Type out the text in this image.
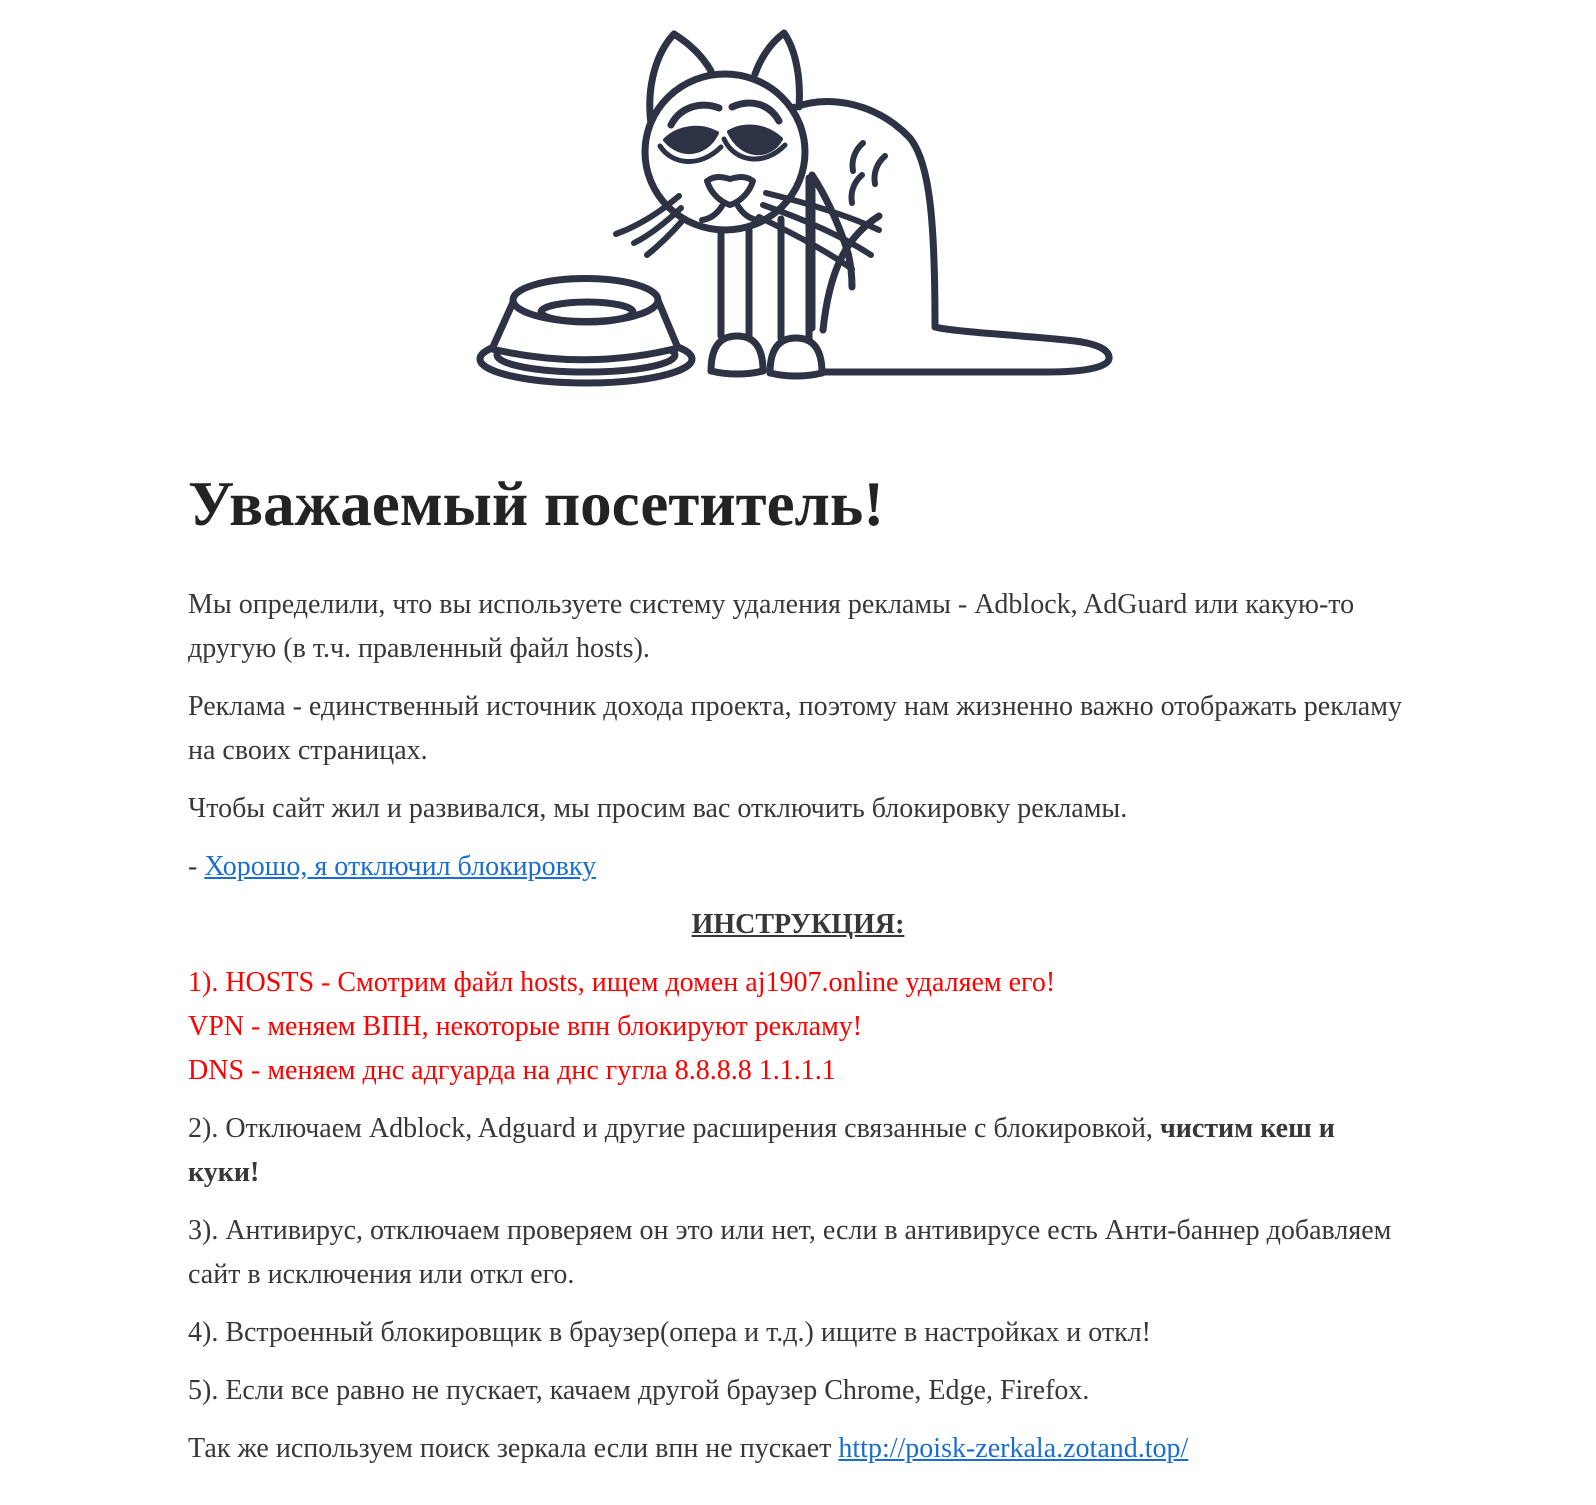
Уважаемый посетитель!

Мы определили, что вы используете систему удаления рекламы - Adblock, AdGuard или какую-то другую (в т.ч. правленный файл hosts).

Реклама - единственный источник дохода проекта, поэтому нам жизненно важно отображать рекламу на своих страницах.

Чтобы сайт жил и развивался, мы просим вас отключить блокировку рекламы.

- Хорошо, я отключил блокировку

ИНСТРУКЦИЯ:

1). HOSTS - Смотрим файл hosts, ищем домен aj1907.online удаляем его!
VPN - меняем ВПН, некоторые впн блокируют рекламу!
DNS - меняем днс адгуарда на днс гугла 8.8.8.8 1.1.1.1

2). Отключаем Adblock, Adguard и другие расширения связанные с блокировкой, чистим кеш и куки!

3). Антивирус, отключаем проверяем он это или нет, если в антивирусе есть Анти-баннер добавляем сайт в исключения или откл его.

4). Встроенный блокировщик в браузер(опера и т.д.) ищите в настройках и откл!

5). Если все равно не пускает, качаем другой браузер Chrome, Edge, Firefox.

Так же используем поиск зеркала если впн не пускает http://poisk-zerkala.zotand.top/
